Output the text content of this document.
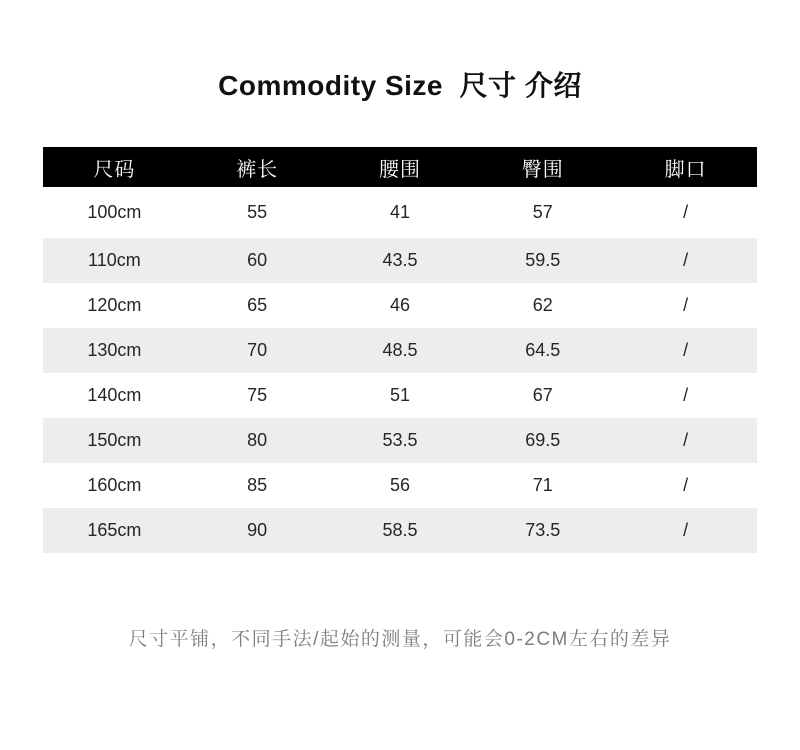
Commodity Size  尺寸 介绍
尺码	裤长	腰围	臀围	脚口
100cm	55	41	57	/
110cm	60	43.5	59.5	/
120cm	65	46	62	/
130cm	70	48.5	64.5	/
140cm	75	51	67	/
150cm	80	53.5	69.5	/
160cm	85	56	71	/
165cm	90	58.5	73.5	/
尺寸平铺，不同手法/起始的测量，可能会0-2CM左右的差异
